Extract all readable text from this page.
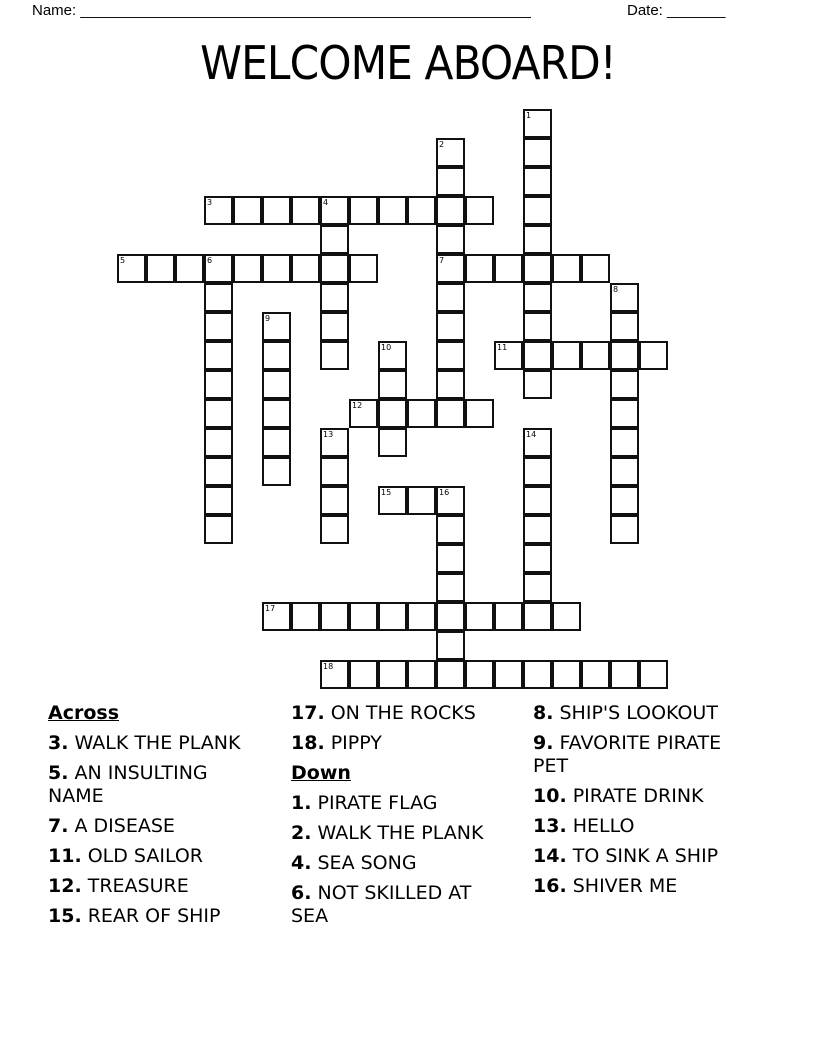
Name: ______________________________________________________	Date: _______
WELCOME ABOARD!
1
2
7
3	4
5	6
8
9
10	11
12
13	14
15	16
17
18
Across
3. WALK THE PLANK
5. AN INSULTING NAME
7. A DISEASE
11. OLD SAILOR
12. TREASURE
15. REAR OF SHIP
17. ON THE ROCKS
18. PIPPY
Down
1. PIRATE FLAG
2. WALK THE PLANK
4. SEA SONG
6. NOT SKILLED AT SEA
8. SHIP'S LOOKOUT
9. FAVORITE PIRATE PET
10. PIRATE DRINK
13. HELLO
14. TO SINK A SHIP
16. SHIVER ME
